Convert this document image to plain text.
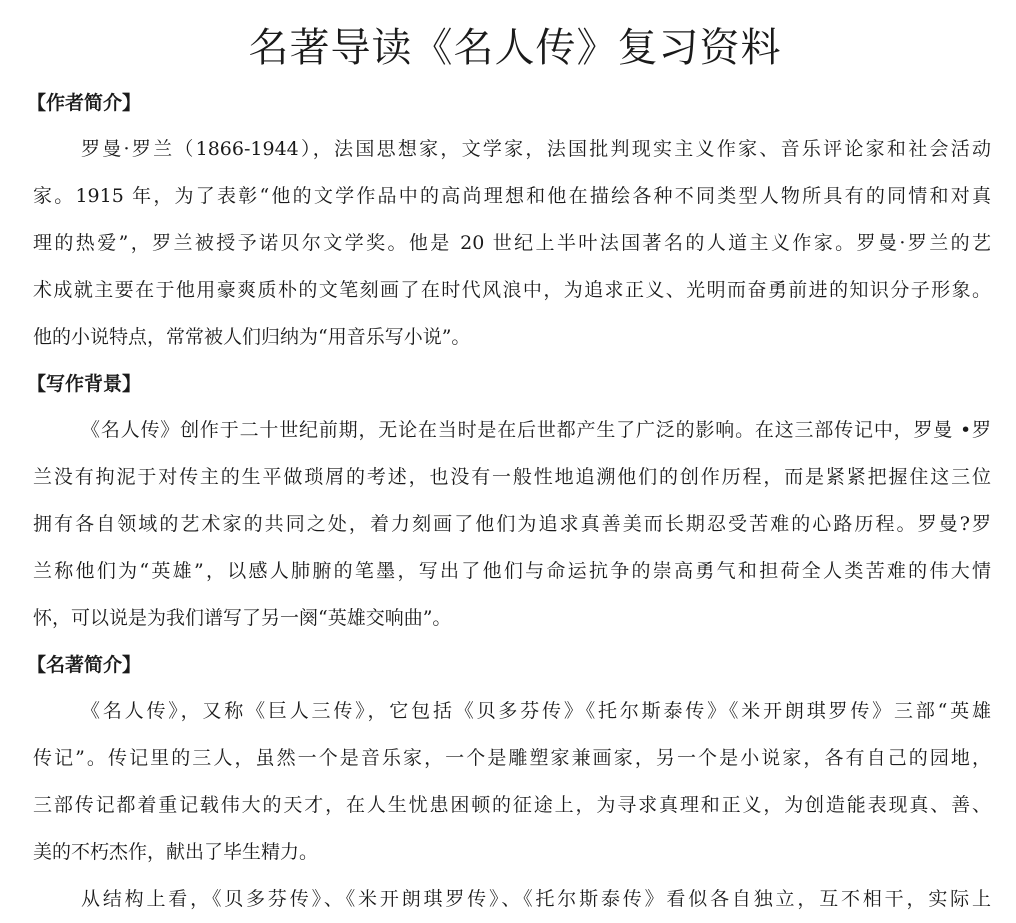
名著导读《名人传》复习资料
【作者简介】
罗曼·罗兰（1866-1944），法国思想家，文学家，法国批判现实主义作家、音乐评论家和社会活动
家。1915 年，为了表彰“他的文学作品中的高尚理想和他在描绘各种不同类型人物所具有的同情和对真
理的热爱”，罗兰被授予诺贝尔文学奖。他是 20 世纪上半叶法国著名的人道主义作家。罗曼·罗兰的艺
术成就主要在于他用豪爽质朴的文笔刻画了在时代风浪中，为追求正义、光明而奋勇前进的知识分子形象。
他的小说特点，常常被人们归纳为“用音乐写小说”。
【写作背景】
《名人传》创作于二十世纪前期，无论在当时是在后世都产生了广泛的影响。在这三部传记中，罗曼 •罗
兰没有拘泥于对传主的生平做琐屑的考述，也没有一般性地追溯他们的创作历程，而是紧紧把握住这三位
拥有各自领域的艺术家的共同之处，着力刻画了他们为追求真善美而长期忍受苦难的心路历程。罗曼?罗
兰称他们为“英雄”，以感人肺腑的笔墨，写出了他们与命运抗争的崇高勇气和担荷全人类苦难的伟大情
怀，可以说是为我们谱写了另一阕“英雄交响曲”。
【名著简介】
《名人传》，又称《巨人三传》，它包括《贝多芬传》《托尔斯泰传》《米开朗琪罗传》三部“英雄
传记”。传记里的三人，虽然一个是音乐家，一个是雕塑家兼画家，另一个是小说家，各有自己的园地，
三部传记都着重记载伟大的天才，在人生忧患困顿的征途上，为寻求真理和正义，为创造能表现真、善、
美的不朽杰作，献出了毕生精力。
从结构上看，《贝多芬传》、《米开朗琪罗传》、《托尔斯泰传》看似各自独立，互不相干，实际上
